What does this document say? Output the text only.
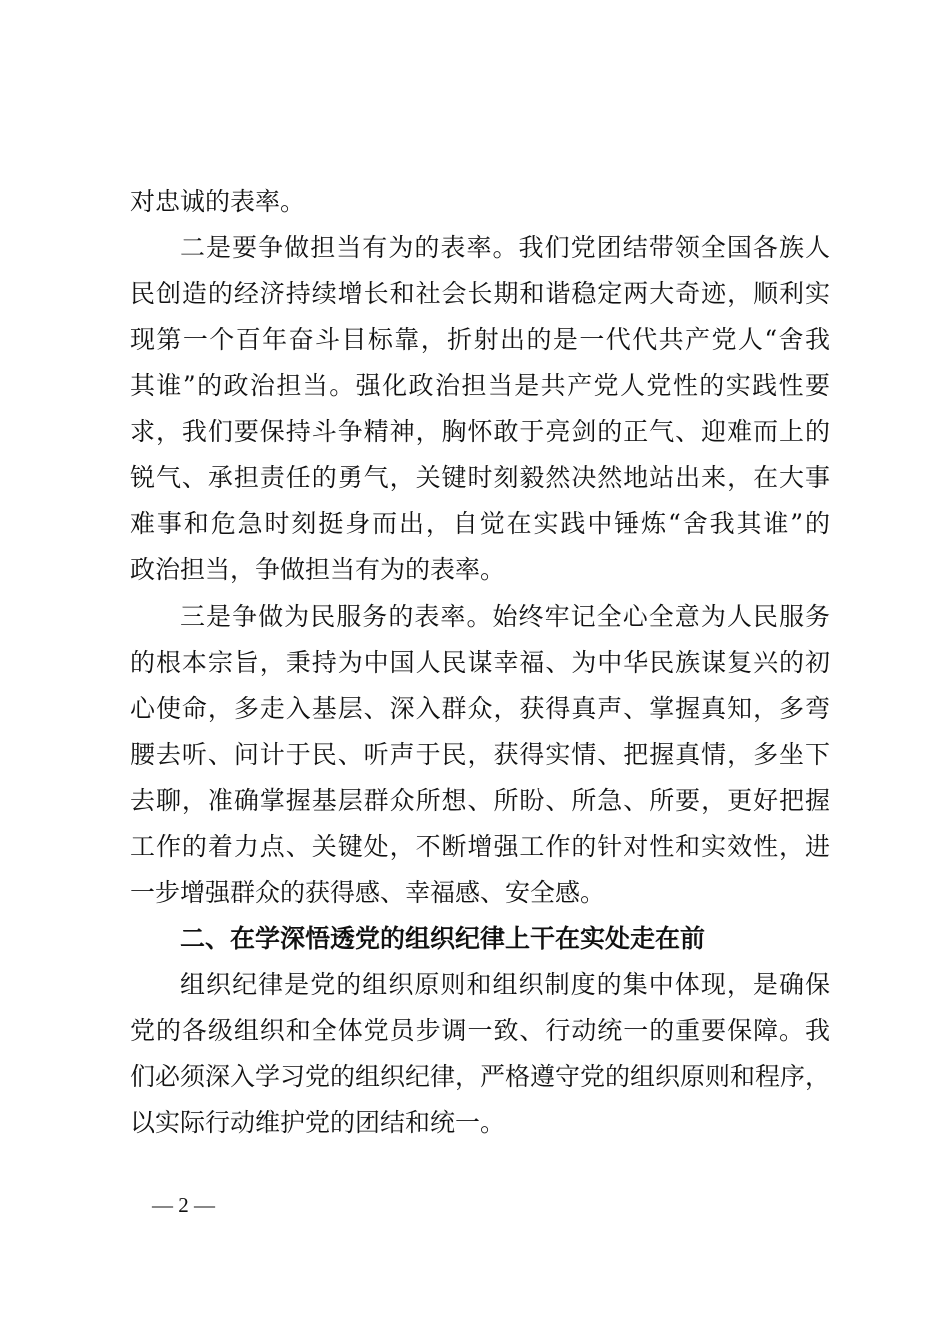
对忠诚的表率。
二是要争做担当有为的表率。我们党团结带领全国各族人
民创造的经济持续增长和社会长期和谐稳定两大奇迹，顺利实
现第一个百年奋斗目标靠，折射出的是一代代共产党人“舍我
其谁”的政治担当。强化政治担当是共产党人党性的实践性要
求，我们要保持斗争精神，胸怀敢于亮剑的正气、迎难而上的
锐气、承担责任的勇气，关键时刻毅然决然地站出来，在大事
难事和危急时刻挺身而出，自觉在实践中锤炼“舍我其谁”的
政治担当，争做担当有为的表率。
三是争做为民服务的表率。始终牢记全心全意为人民服务
的根本宗旨，秉持为中国人民谋幸福、为中华民族谋复兴的初
心使命，多走入基层、深入群众，获得真声、掌握真知，多弯
腰去听、问计于民、听声于民，获得实情、把握真情，多坐下
去聊，准确掌握基层群众所想、所盼、所急、所要，更好把握
工作的着力点、关键处，不断增强工作的针对性和实效性，进
一步增强群众的获得感、幸福感、安全感。
二、在学深悟透党的组织纪律上干在实处走在前
组织纪律是党的组织原则和组织制度的集中体现，是确保
党的各级组织和全体党员步调一致、行动统一的重要保障。我
们必须深入学习党的组织纪律，严格遵守党的组织原则和程序，
以实际行动维护党的团结和统一。
— 2 —
